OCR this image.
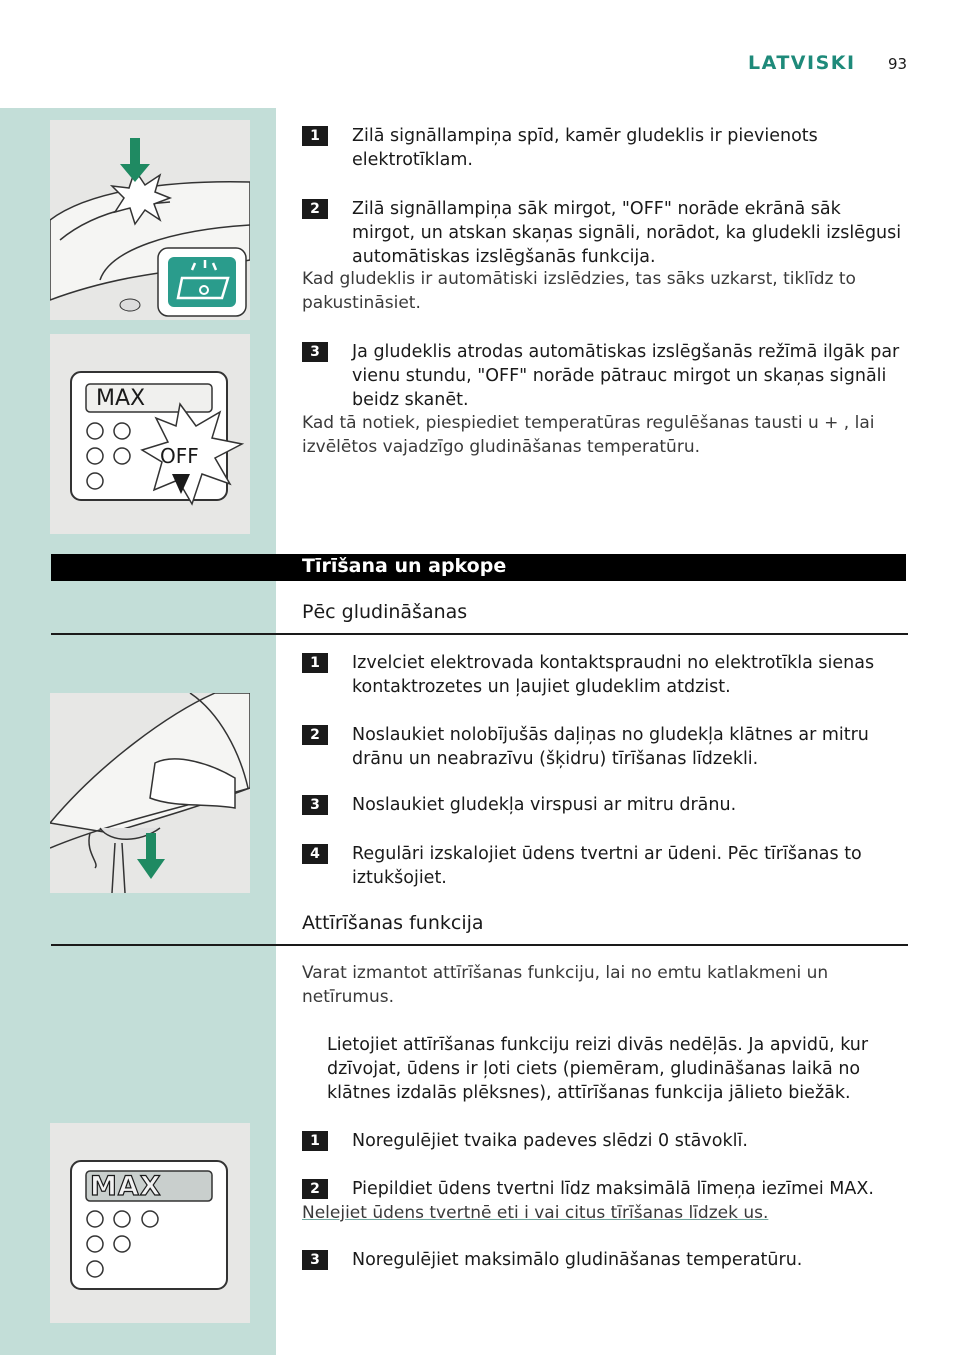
LATVISKI 93
MAX
OFF
MAX
1	Zilā signāllampiņa spīd, kamēr gludeklis ir pievienots elektrotīklam.
2	Zilā signāllampiņa sāk mirgot, "OFF" norāde ekrānā sāk mirgot, un atskan skaņas signāli, norādot, ka gludekli izslēgusi automātiskas izslēgšanās funkcija.
Kad gludeklis ir automātiski izslēdzies, tas sāks uzkarst, tiklīdz to pakustināsiet.
3	Ja gludeklis atrodas automātiskas izslēgšanās režīmā ilgāk par vienu stundu, "OFF" norāde pātrauc mirgot un skaņas signāli beidz skanēt.
Kad tā notiek, piespiediet temperatūras regulēšanas tausti u + , lai izvēlētos vajadzīgo gludināšanas temperatūru.
Tīrīšana un apkope
Pēc gludināšanas
1	Izvelciet elektrovada kontaktspraudni no elektrotīkla sienas kontaktrozetes un ļaujiet gludeklim atdzist.
2	Noslaukiet nolobījušās daļiņas no gludekļa klātnes ar mitru drānu un neabrazīvu (šķidru) tīrīšanas līdzekli.
3	Noslaukiet gludekļa virspusi ar mitru drānu.
4	Regulāri izskalojiet ūdens tvertni ar ūdeni. Pēc tīrīšanas to iztukšojiet.
Attīrīšanas funkcija
Varat izmantot attīrīšanas funkciju, lai no emtu katlakmeni un netīrumus.
Lietojiet attīrīšanas funkciju reizi divās nedēļās. Ja apvidū, kur dzīvojat, ūdens ir ļoti ciets (piemēram, gludināšanas laikā no klātnes izdalās plēksnes), attīrīšanas funkcija jālieto biežāk.
1	Noregulējiet tvaika padeves slēdzi 0 stāvoklī.
2	Piepildiet ūdens tvertni līdz maksimālā līmeņa iezīmei MAX.
Nelejiet ūdens tvertnē eti i vai citus tīrīšanas līdzek us.
3	Noregulējiet maksimālo gludināšanas temperatūru.
